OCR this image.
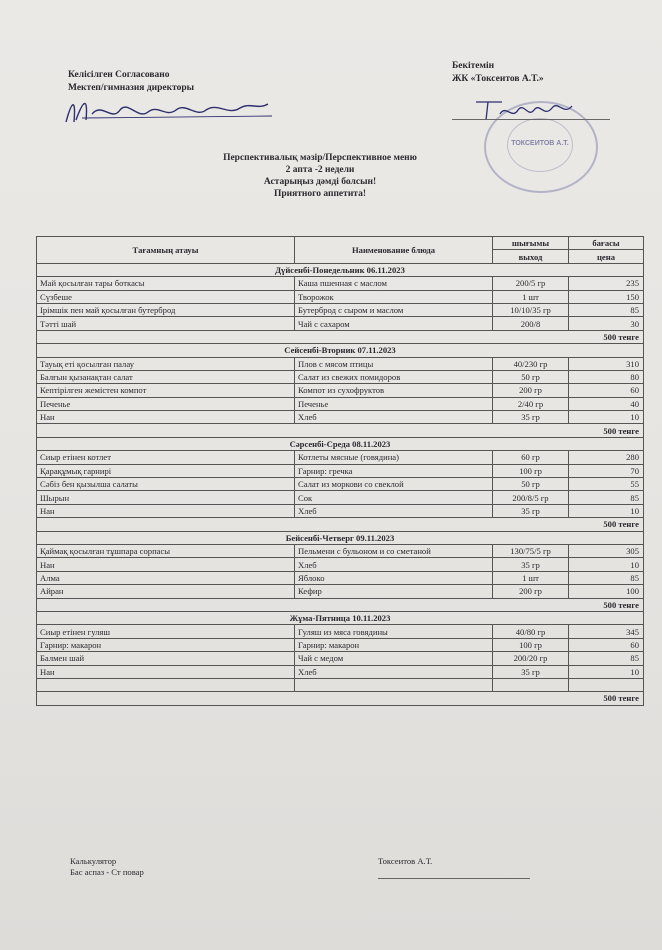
Келісілген Согласовано
Мектеп/гимназия директоры
Бекітемін
ЖК «Токсеитов А.Т.»
ТОКСЕИТОВ А.Т.
Перспективалық мәзір/Перспективное меню
2 апта -2 недели
Астарыңыз дәмді болсын!
Приятного аппетита!
Тағамның атауы	Наименование блюда	шығымы	бағасы
		выход	цена
Дүйсенбі-Понедельник 06.11.2023			
Май қосылған тары боткасы	Каша пшенная с маслом	200/5 гр	235
Сүзбеше	Творожок	1 шт	150
Ірімшік пен май қосылған бутерброд	Бутерброд с сыром и маслом	10/10/35 гр	85
Тәтті шай	Чай с сахаром	200/8	30
500 тенге			
Сейсенбі-Вторник 07.11.2023			
Тауық еті қосылған палау	Плов с мясом птицы	40/230 гр	310
Балғын қызанақтан салат	Салат из свежих помидоров	50 гр	80
Кептірілген жемістен компот	Компот из сухофруктов	200 гр	60
Печенье	Печенье	2/40 гр	40
Нан	Хлеб	35 гр	10
500 тенге			
Сәрсенбі-Среда 08.11.2023			
Сиыр етінен котлет	Котлеты мясные (говядина)	60 гр	280
Қарақұмық гарнирі	Гарнир: гречка	100 гр	70
Сәбіз бен қызылша салаты	Салат из моркови со свеклой	50 гр	55
Шырын	Сок	200/8/5 гр	85
Нан	Хлеб	35 гр	10
500 тенге			
Бейсенбі-Четверг 09.11.2023			
Қаймақ қосылған тұшпара сорпасы	Пельмени с бульоном и со сметаной	130/75/5 гр	305
Нан	Хлеб	35 гр	10
Алма	Яблоко	1 шт	85
Айран	Кефир	200 гр	100
500 тенге			
Жұма-Пятница 10.11.2023			
Сиыр етінен гуляш	Гуляш из мяса говядины	40/80 гр	345
Гарнир: макарон	Гарнир: макарон	100 гр	60
Балмен шай	Чай с медом	200/20 гр	85
Нан	Хлеб	35 гр	10

500 тенге			
Калькулятор
Бас аспаз - Ст повар
Токсеитов А.Т.
